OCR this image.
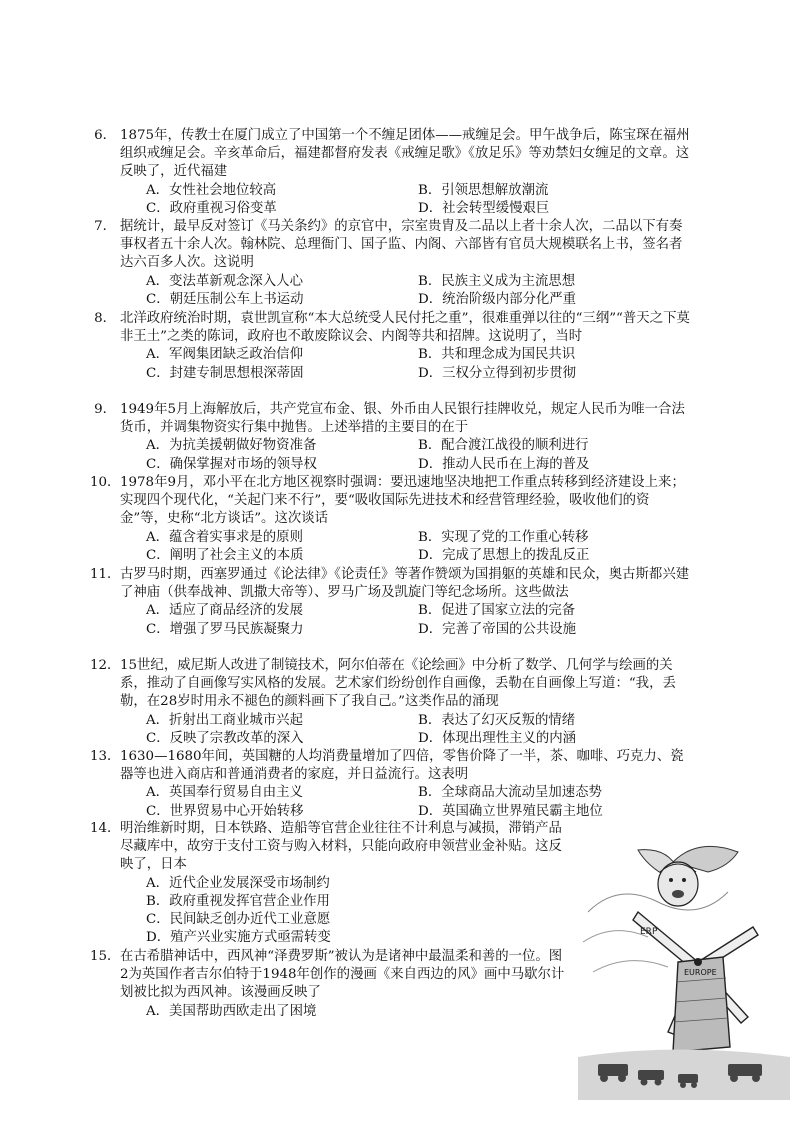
6． 1875年，传教士在厦门成立了中国第一个不缠足团体——戒缠足会。甲午战争后，陈宝琛在福州组织戒缠足会。辛亥革命后，福建都督府发表《戒缠足歌》《放足乐》等劝禁妇女缠足的文章。这反映了，近代福建
A．女性社会地位较高	B．引领思想解放潮流
C．政府重视习俗变革	D．社会转型缓慢艰巨
7． 据统计，最早反对签订《马关条约》的京官中，宗室贵胄及二品以上者十余人次，二品以下有奏事权者五十余人次。翰林院、总理衙门、国子监、内阁、六部皆有官员大规模联名上书，签名者达六百多人次。这说明
A．变法革新观念深入人心	B．民族主义成为主流思想
C．朝廷压制公车上书运动	D．统治阶级内部分化严重
8． 北洋政府统治时期，袁世凯宣称“本大总统受人民付托之重”，很难重弹以往的“三纲”“普天之下莫非王土”之类的陈词，政府也不敢废除议会、内阁等共和招牌。这说明了，当时
A．军阀集团缺乏政治信仰	B．共和理念成为国民共识
C．封建专制思想根深蒂固	D．三权分立得到初步贯彻
9． 1949年5月上海解放后，共产党宣布金、银、外币由人民银行挂牌收兑，规定人民币为唯一合法货币，并调集物资实行集中抛售。上述举措的主要目的在于
A．为抗美援朝做好物资准备	B．配合渡江战役的顺利进行
C．确保掌握对市场的领导权	D．推动人民币在上海的普及
10． 1978年9月，邓小平在北方地区视察时强调：要迅速地坚决地把工作重点转移到经济建设上来；实现四个现代化，“关起门来不行”，要“吸收国际先进技术和经营管理经验，吸收他们的资金”等，史称“北方谈话”。这次谈话
A．蕴含着实事求是的原则	B．实现了党的工作重心转移
C．阐明了社会主义的本质	D．完成了思想上的拨乱反正
11． 古罗马时期，西塞罗通过《论法律》《论责任》等著作赞颂为国捐躯的英雄和民众，奥古斯都兴建了神庙（供奉战神、凯撒大帝等）、罗马广场及凯旋门等纪念场所。这些做法
A．适应了商品经济的发展	B．促进了国家立法的完备
C．增强了罗马民族凝聚力	D．完善了帝国的公共设施
12． 15世纪，威尼斯人改进了制镜技术，阿尔伯蒂在《论绘画》中分析了数学、几何学与绘画的关系，推动了自画像写实风格的发展。艺术家们纷纷创作自画像，丢勒在自画像上写道：“我，丢勒，在28岁时用永不褪色的颜料画下了我自己。”这类作品的涌现
A．折射出工商业城市兴起	B．表达了幻灭反叛的情绪
C．反映了宗教改革的深入	D．体现出理性主义的内涵
13． 1630—1680年间，英国糖的人均消费量增加了四倍，零售价降了一半，茶、咖啡、巧克力、瓷器等也进入商店和普通消费者的家庭，并日益流行。这表明
A．英国奉行贸易自由主义	B．全球商品大流动呈加速态势
C．世界贸易中心开始转移	D．英国确立世界殖民霸主地位
14． 明治维新时期，日本铁路、造船等官营企业往往不计利息与减损，滞销产品尽藏库中，故穷于支付工资与购入材料，只能向政府申领营业金补贴。这反映了，日本
A．近代企业发展深受市场制约
B．政府重视发挥官营企业作用
C．民间缺乏创办近代工业意愿
D．殖产兴业实施方式亟需转变
15． 在古希腊神话中，西风神“泽费罗斯”被认为是诸神中最温柔和善的一位。图2为英国作者吉尔伯特于1948年创作的漫画《来自西边的风》画中马歇尔计划被比拟为西风神。该漫画反映了
A．美国帮助西欧走出了困境
ERP
EUROPE
